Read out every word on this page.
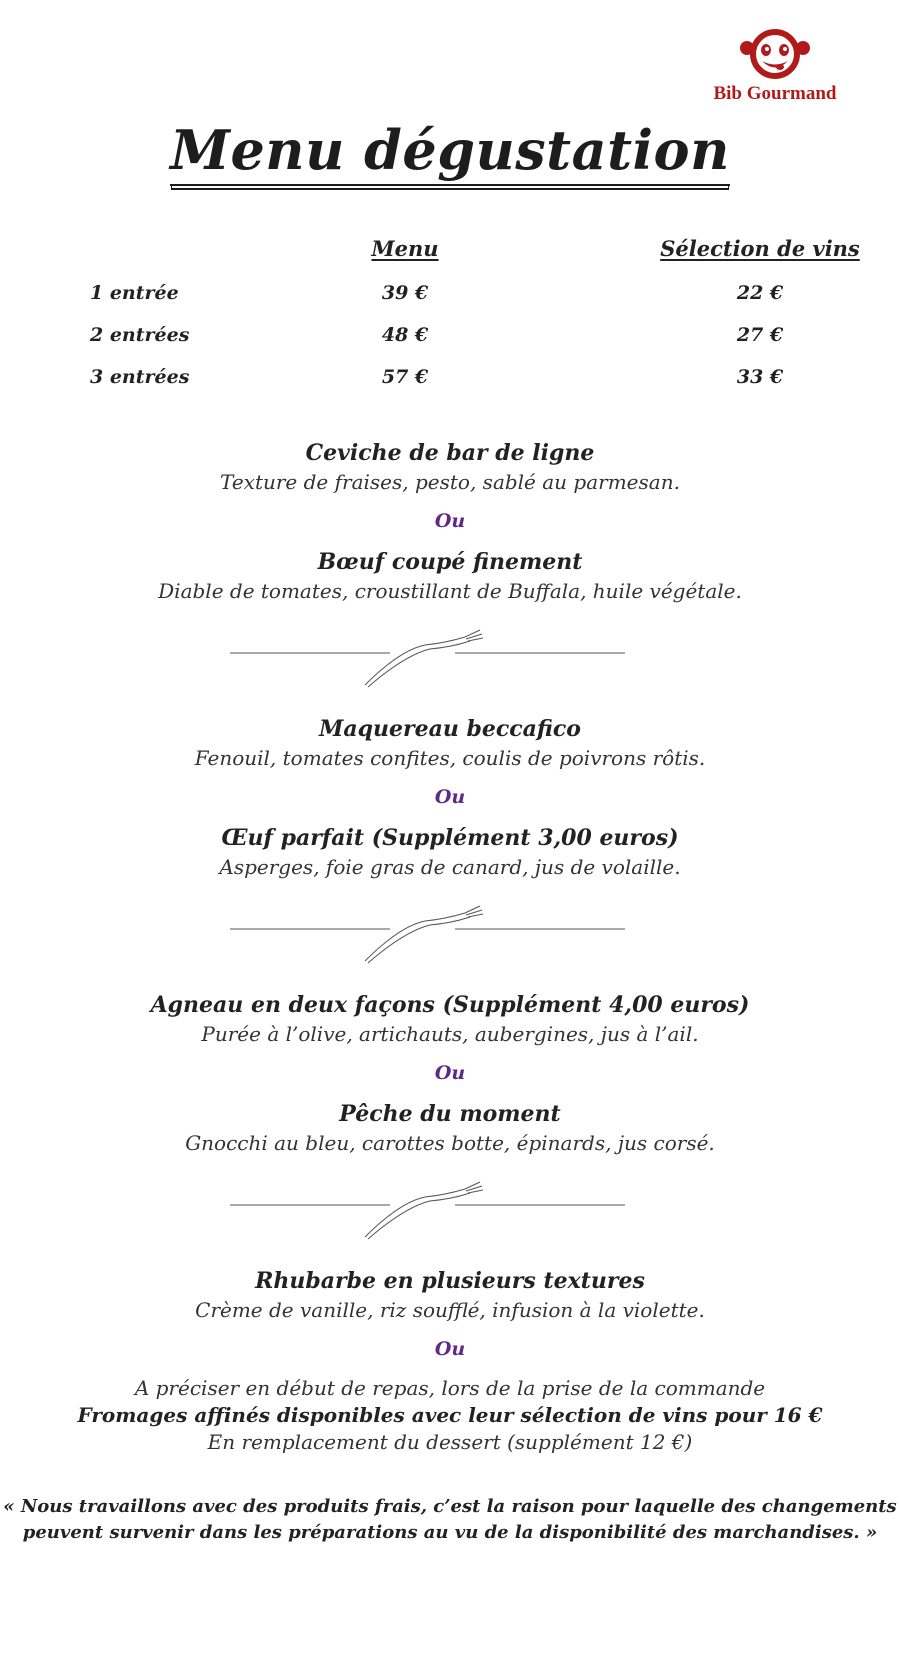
Bib Gourmand
Menu dégustation
Menu	Sélection de vins
1 entrée	39 €	22 €
2 entrées	48 €	27 €
3 entrées	57 €	33 €
Ceviche de bar de ligne
Texture de fraises, pesto, sablé au parmesan.
Ou
Bœuf coupé finement
Diable de tomates, croustillant de Buffala, huile végétale.
Maquereau beccafico
Fenouil, tomates confites, coulis de poivrons rôtis.
Ou
Œuf parfait (Supplément 3,00 euros)
Asperges, foie gras de canard, jus de volaille.
Agneau en deux façons (Supplément 4,00 euros)
Purée à l’olive, artichauts, aubergines, jus à l’ail.
Ou
Pêche du moment
Gnocchi au bleu, carottes botte, épinards, jus corsé.
Rhubarbe en plusieurs textures
Crème de vanille, riz soufflé, infusion à la violette.
Ou
A préciser en début de repas, lors de la prise de la commande
Fromages affinés disponibles avec leur sélection de vins pour 16 €
En remplacement du dessert (supplément 12 €)
« Nous travaillons avec des produits frais, c’est la raison pour laquelle des changements
peuvent survenir dans les préparations au vu de la disponibilité des marchandises. »
